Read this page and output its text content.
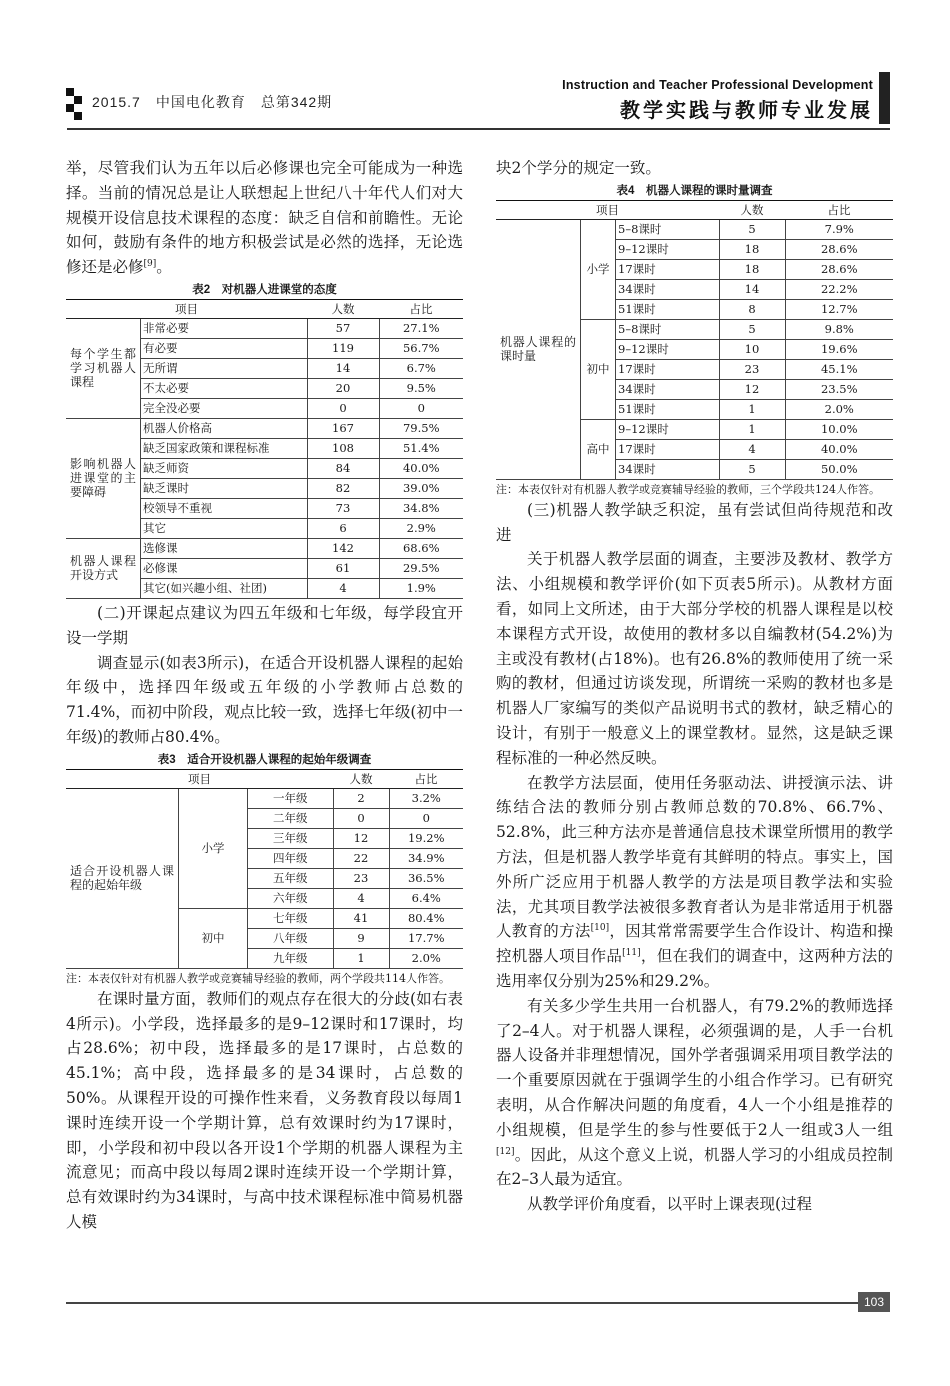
2015.7　中国电化教育　总第342期
Instruction and Teacher Professional Development
教学实践与教师专业发展

举，尽管我们认为五年以后必修课也完全可能成为一种选择。当前的情况总是让人联想起上世纪八十年代人们对大规模开设信息技术课程的态度：缺乏自信和前瞻性。无论如何，鼓励有条件的地方积极尝试是必然的选择，无论选修还是必修[9]。

表2　对机器人进课堂的态度
项目		人数	占比
每个学生都学习机器人课程	非常必要	57	27.1%
	有必要	119	56.7%
	无所谓	14	6.7%
	不太必要	20	9.5%
	完全没必要	0	0
影响机器人进课堂的主要障碍	机器人价格高	167	79.5%
	缺乏国家政策和课程标准	108	51.4%
	缺乏师资	84	40.0%
	缺乏课时	82	39.0%
	校领导不重视	73	34.8%
	其它	6	2.9%
机器人课程开设方式	选修课	142	68.6%
	必修课	61	29.5%
	其它(如兴趣小组、社团)	4	1.9%

(二)开课起点建议为四五年级和七年级，每学段宜开设一学期

调查显示(如表3所示)，在适合开设机器人课程的起始年级中，选择四年级或五年级的小学教师占总数的71.4%，而初中阶段，观点比较一致，选择七年级(初中一年级)的教师占80.4%。

表3　适合开设机器人课程的起始年级调查
项目			人数	占比
适合开设机器人课程的起始年级	小学	一年级	2	3.2%
		二年级	0	0
		三年级	12	19.2%
		四年级	22	34.9%
		五年级	23	36.5%
		六年级	4	6.4%
	初中	七年级	41	80.4%
		八年级	9	17.7%
		九年级	1	2.0%

注：本表仅针对有机器人教学或竞赛辅导经验的教师，两个学段共114人作答。

在课时量方面，教师们的观点存在很大的分歧(如右表4所示)。小学段，选择最多的是9–12课时和17课时，均占28.6%；初中段，选择最多的是17课时，占总数的45.1%；高中段，选择最多的是34课时，占总数的50%。从课程开设的可操作性来看，义务教育段以每周1课时连续开设一个学期计算，总有效课时约为17课时，即，小学段和初中段以各开设1个学期的机器人课程为主流意见；而高中段以每周2课时连续开设一个学期计算，总有效课时约为34课时，与高中技术课程标准中简易机器人模

块2个学分的规定一致。

表4　机器人课程的课时量调查
项目			人数	占比
机器人课程的课时量	小学	5–8课时	5	7.9%
		9–12课时	18	28.6%
		17课时	18	28.6%
		34课时	14	22.2%
		51课时	8	12.7%
	初中	5–8课时	5	9.8%
		9–12课时	10	19.6%
		17课时	23	45.1%
		34课时	12	23.5%
		51课时	1	2.0%
	高中	9–12课时	1	10.0%
		17课时	4	40.0%
		34课时	5	50.0%

注：本表仅针对有机器人教学或竞赛辅导经验的教师，三个学段共124人作答。

(三)机器人教学缺乏积淀，虽有尝试但尚待规范和改进

关于机器人教学层面的调查，主要涉及教材、教学方法、小组规模和教学评价(如下页表5所示)。从教材方面看，如同上文所述，由于大部分学校的机器人课程是以校本课程方式开设，故使用的教材多以自编教材(54.2%)为主或没有教材(占18%)。也有26.8%的教师使用了统一采购的教材，但通过访谈发现，所谓统一采购的教材也多是机器人厂家编写的类似产品说明书式的教材，缺乏精心的设计，有别于一般意义上的课堂教材。显然，这是缺乏课程标准的一种必然反映。

在教学方法层面，使用任务驱动法、讲授演示法、讲练结合法的教师分别占教师总数的70.8%、66.7%、52.8%，此三种方法亦是普通信息技术课堂所惯用的教学方法，但是机器人教学毕竟有其鲜明的特点。事实上，国外所广泛应用于机器人教学的方法是项目教学法和实验法，尤其项目教学法被很多教育者认为是非常适用于机器人教育的方法[10]，因其常常需要学生合作设计、构造和操控机器人项目作品[11]，但在我们的调查中，这两种方法的选用率仅分别为25%和29.2%。

有关多少学生共用一台机器人，有79.2%的教师选择了2–4人。对于机器人课程，必须强调的是，人手一台机器人设备并非理想情况，国外学者强调采用项目教学法的一个重要原因就在于强调学生的小组合作学习。已有研究表明，从合作解决问题的角度看，4人一个小组是推荐的小组规模，但是学生的参与性要低于2人一组或3人一组[12]。因此，从这个意义上说，机器人学习的小组成员控制在2–3人最为适宜。

从教学评价角度看，以平时上课表现(过程

103
